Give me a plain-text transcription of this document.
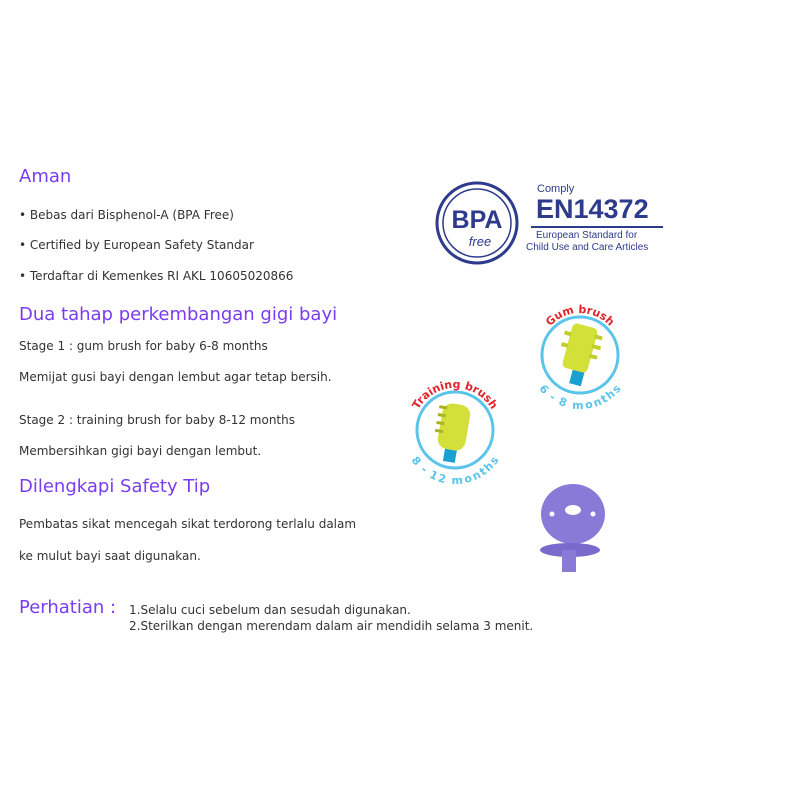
Aman
• Bebas dari Bisphenol-A (BPA Free)
• Certified by European Safety Standar
• Terdaftar di Kemenkes RI AKL 10605020866
Dua tahap perkembangan gigi bayi
Stage 1 : gum brush for baby 6-8 months
Memijat gusi bayi dengan lembut agar tetap bersih.
Stage 2 : training brush for baby 8-12 months
Membersihkan gigi bayi dengan lembut.
Dilengkapi Safety Tip
Pembatas sikat mencegah sikat terdorong terlalu dalam
ke mulut bayi saat digunakan.
Perhatian : 1.Selalu cuci sebelum dan sesudah digunakan.
2.Sterilkan dengan merendam dalam air mendidih selama 3 menit.
BPA
free
Comply
EN14372
European Standard for
Child Use and Care Articles
Gum brush
6 - 8 months
Training brush
8 - 12 months
